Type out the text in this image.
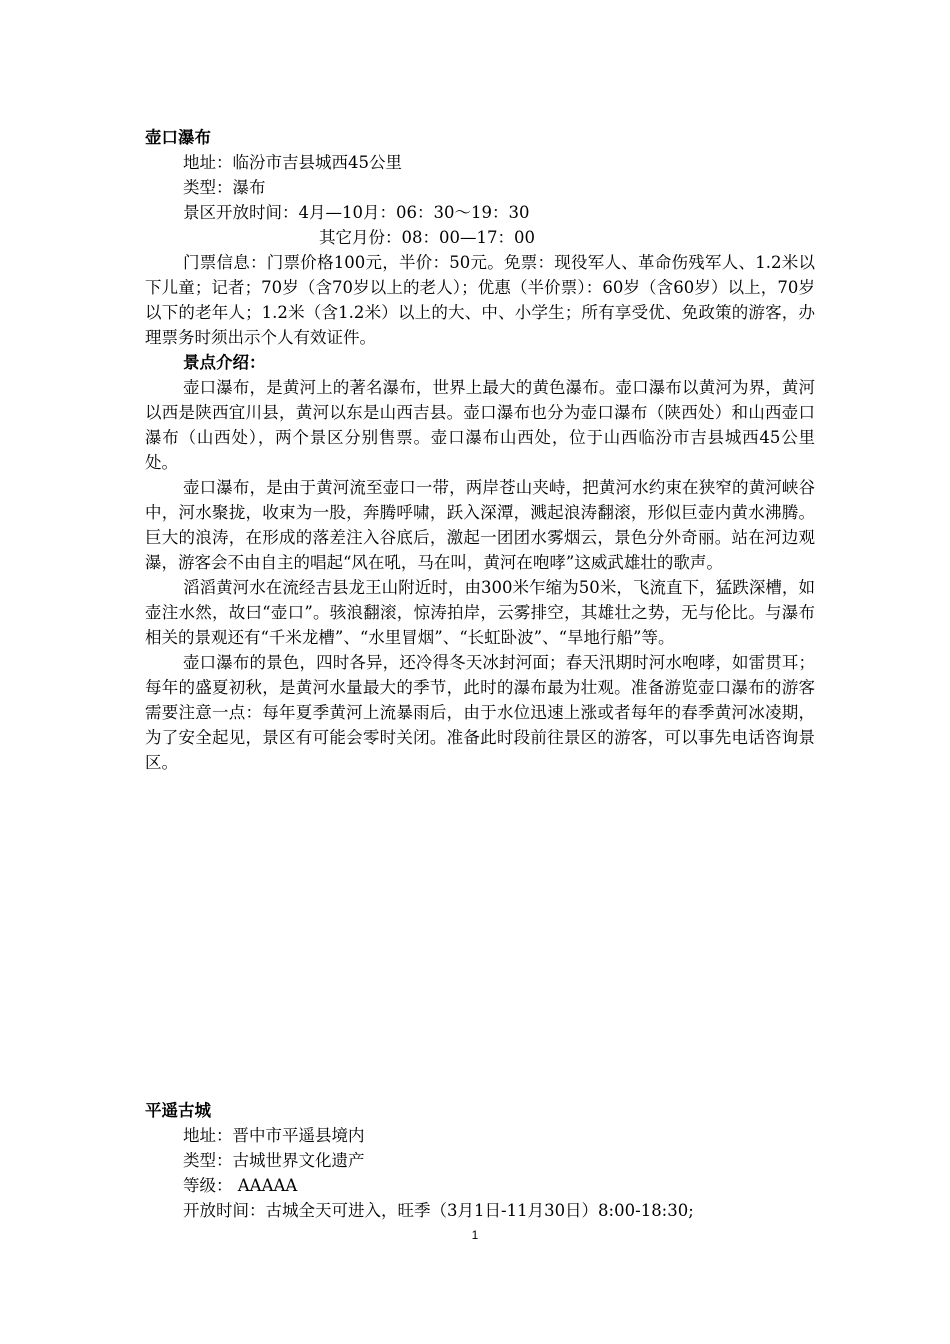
壶口瀑布
地址：临汾市吉县城西45公里
类型：瀑布
景区开放时间：4月—10月：06：30～19：30
其它月份：08：00—17：00

门票信息：门票价格100元，半价：50元。免票：现役军人、革命伤残军人、1.2米以下儿童；记者；70岁（含70岁以上的老人）；优惠（半价票）：60岁（含60岁）以上，70岁以下的老年人；1.2米（含1.2米）以上的大、中、小学生；所有享受优、免政策的游客，办理票务时须出示个人有效证件。

景点介绍：

壶口瀑布，是黄河上的著名瀑布，世界上最大的黄色瀑布。壶口瀑布以黄河为界，黄河以西是陕西宜川县，黄河以东是山西吉县。壶口瀑布也分为壶口瀑布（陕西处）和山西壶口瀑布（山西处），两个景区分别售票。壶口瀑布山西处，位于山西临汾市吉县城西45公里处。

壶口瀑布，是由于黄河流至壶口一带，两岸苍山夹峙，把黄河水约束在狭窄的黄河峡谷中，河水聚拢，收束为一股，奔腾呼啸，跃入深潭，溅起浪涛翻滚，形似巨壶内黄水沸腾。巨大的浪涛，在形成的落差注入谷底后，激起一团团水雾烟云，景色分外奇丽。站在河边观瀑，游客会不由自主的唱起“风在吼，马在叫，黄河在咆哮”这威武雄壮的歌声。

滔滔黄河水在流经吉县龙王山附近时，由300米乍缩为50米，飞流直下，猛跌深槽，如壶注水然，故曰“壶口”。骇浪翻滚，惊涛拍岸，云雾排空，其雄壮之势，无与伦比。与瀑布相关的景观还有“千米龙槽”、“水里冒烟”、“长虹卧波”、“旱地行船”等。

壶口瀑布的景色，四时各异，还冷得冬天冰封河面；春天汛期时河水咆哮，如雷贯耳；每年的盛夏初秋，是黄河水量最大的季节，此时的瀑布最为壮观。准备游览壶口瀑布的游客需要注意一点：每年夏季黄河上流暴雨后，由于水位迅速上涨或者每年的春季黄河冰凌期，为了安全起见，景区有可能会零时关闭。准备此时段前往景区的游客，可以事先电话咨询景区。

平遥古城
地址：晋中市平遥县境内
类型：古城世界文化遗产
等级： AAAAA
开放时间：古城全天可进入，旺季（3月1日-11月30日）8:00-18:30;
1
